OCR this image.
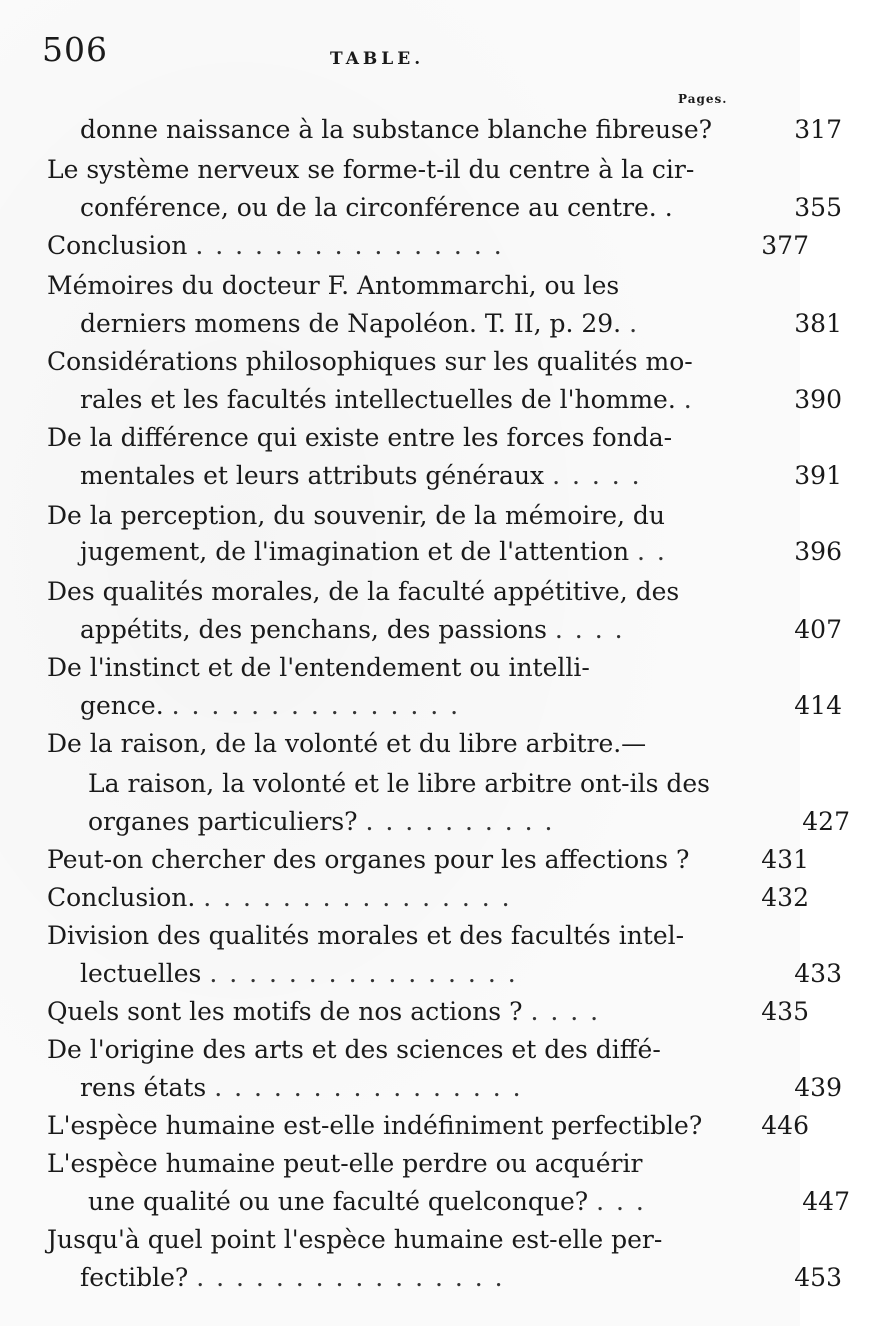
506	TABLE.
Pages.
donne naissance à la substance blanche fibreuse?	317
Le système nerveux se forme-t-il du centre à la cir-
conférence, ou de la circonférence au centre. .	355
Conclusion . . . . . . . . . . . . . . . .	377
Mémoires du docteur F. Antommarchi, ou les
derniers momens de Napoléon. T. II, p. 29. .	381
Considérations philosophiques sur les qualités mo-
rales et les facultés intellectuelles de l'homme. .	390
De la différence qui existe entre les forces fonda-
mentales et leurs attributs généraux . . . . .	391
De la perception, du souvenir, de la mémoire, du
jugement, de l'imagination et de l'attention . .	396
Des qualités morales, de la faculté appétitive, des
appétits, des penchans, des passions . . . .	407
De l'instinct et de l'entendement ou intelli-
gence. . . . . . . . . . . . . . . .	414
De la raison, de la volonté et du libre arbitre.—
La raison, la volonté et le libre arbitre ont-ils des
organes particuliers? . . . . . . . . . .	427
Peut-on chercher des organes pour les affections ?	431
Conclusion. . . . . . . . . . . . . . . . .	432
Division des qualités morales et des facultés intel-
lectuelles . . . . . . . . . . . . . . . .	433
Quels sont les motifs de nos actions ? . . . .	435
De l'origine des arts et des sciences et des diffé-
rens états . . . . . . . . . . . . . . . .	439
L'espèce humaine est-elle indéfiniment perfectible? 446
L'espèce humaine peut-elle perdre ou acquérir
une qualité ou une faculté quelconque? . . .	447
Jusqu'à quel point l'espèce humaine est-elle per-
fectible? . . . . . . . . . . . . . . . .	453
